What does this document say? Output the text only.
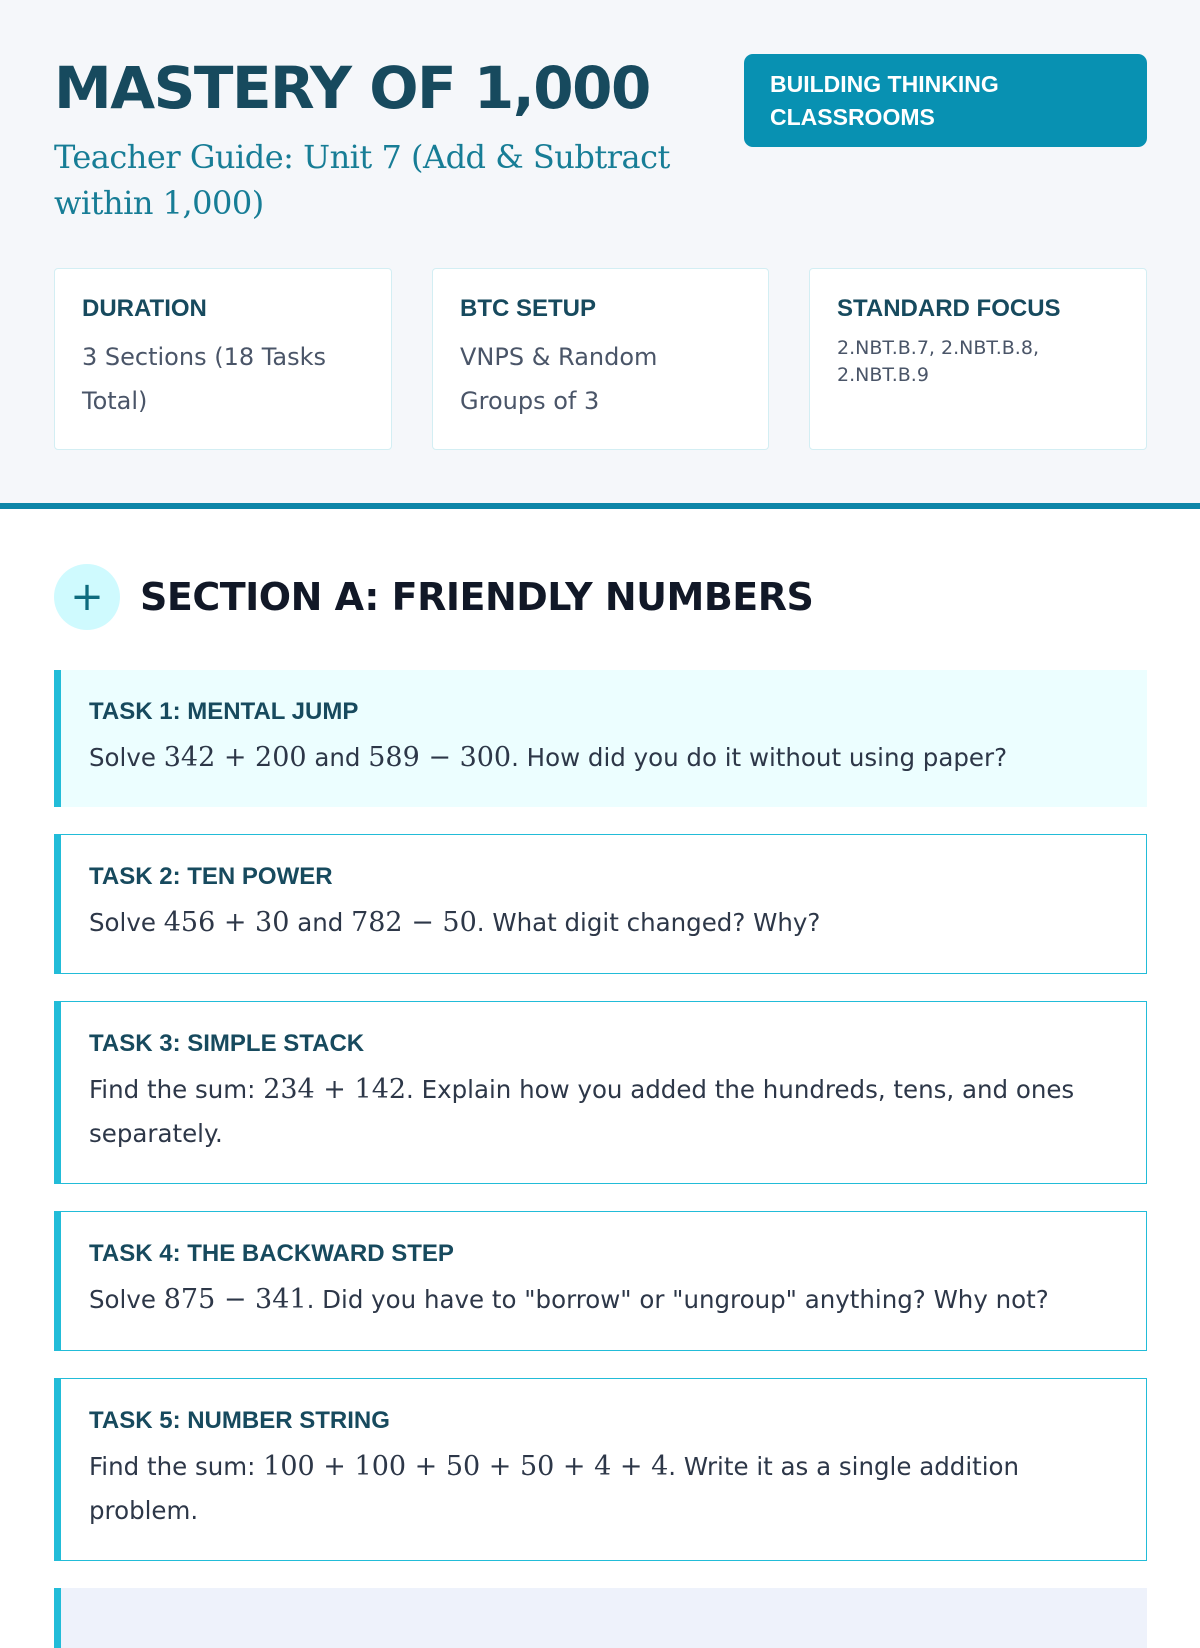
MASTERY OF 1,000

Teacher Guide: Unit 7 (Add & Subtract within 1,000)

BUILDING THINKING CLASSROOMS
DURATION
3 Sections (18 Tasks Total)
BTC SETUP
VNPS & Random Groups of 3
STANDARD FOCUS
2.NBT.B.7, 2.NBT.B.8, 2.NBT.B.9
+ SECTION A: FRIENDLY NUMBERS
TASK 1: MENTAL JUMP
Solve 342 + 200 and 589 − 300. How did you do it without using paper?
TASK 2: TEN POWER
Solve 456 + 30 and 782 − 50. What digit changed? Why?
TASK 3: SIMPLE STACK
Find the sum: 234 + 142. Explain how you added the hundreds, tens, and ones separately.
TASK 4: THE BACKWARD STEP
Solve 875 − 341. Did you have to "borrow" or "ungroup" anything? Why not?
TASK 5: NUMBER STRING
Find the sum: 100 + 100 + 50 + 50 + 4 + 4. Write it as a single addition problem.
